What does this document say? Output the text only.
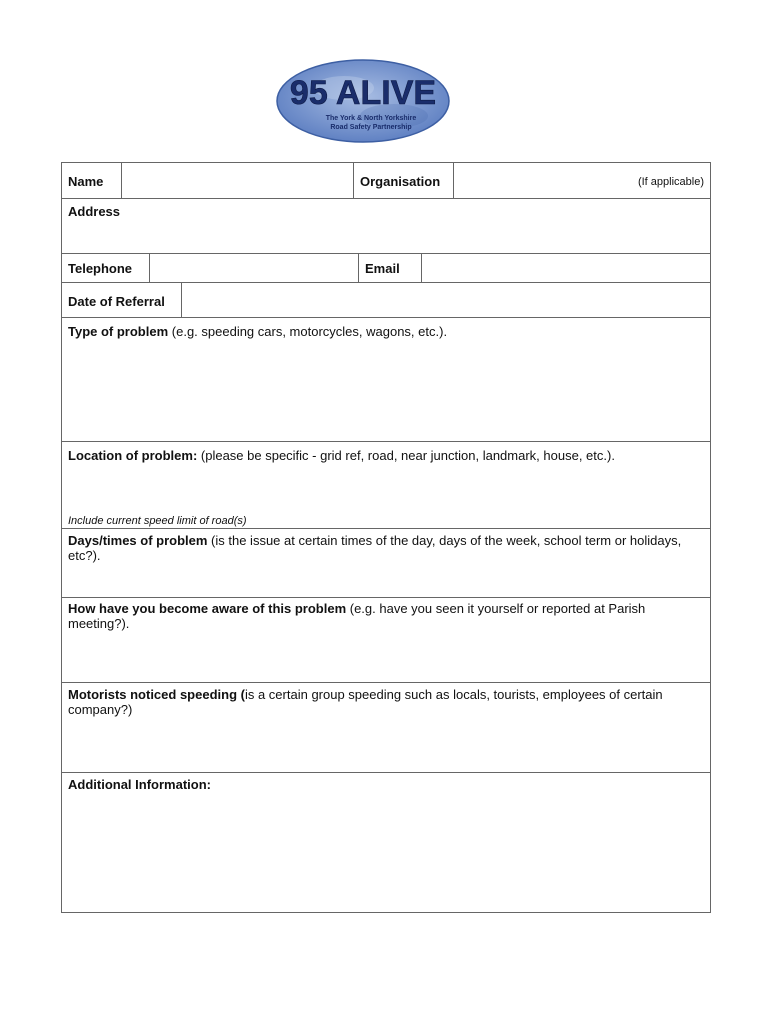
95 ALIVE
The York & North Yorkshire
Road Safety Partnership
Name	Organisation	(If applicable)
Address
Telephone	Email
Date of Referral
Type of problem (e.g. speeding cars, motorcycles, wagons, etc.).
Location of problem: (please be specific - grid ref, road, near junction, landmark, house, etc.).
Include current speed limit of road(s)
Days/times of problem (is the issue at certain times of the day, days of the week, school term or holidays, etc?).
How have you become aware of this problem (e.g. have you seen it yourself or reported at Parish meeting?).
Motorists noticed speeding (is a certain group speeding such as locals, tourists, employees of certain company?)
Additional Information:
